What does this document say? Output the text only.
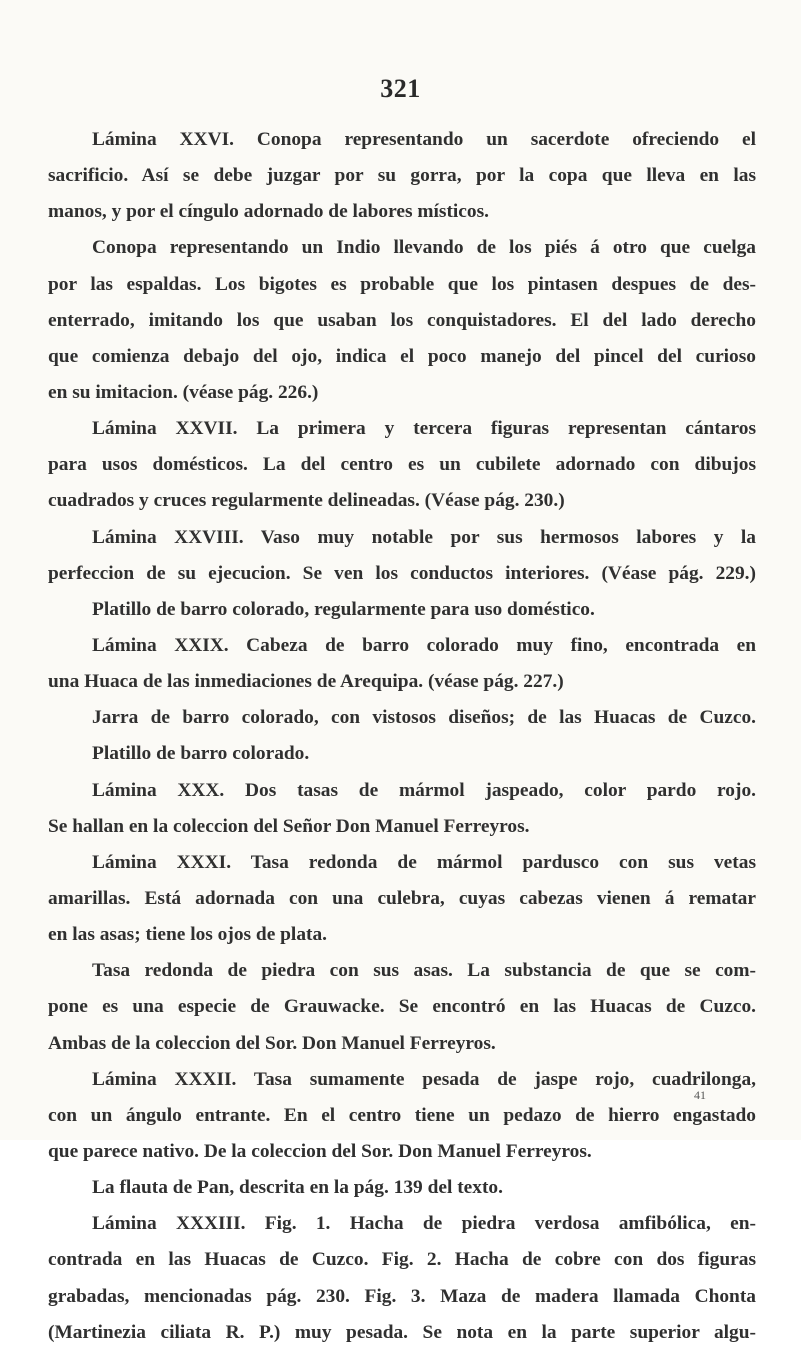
321
Lámina XXVI. Conopa representando un sacerdote ofreciendo el
sacrificio. Así se debe juzgar por su gorra, por la copa que lleva en las
manos, y por el cíngulo adornado de labores místicos.
Conopa representando un Indio llevando de los piés á otro que cuelga
por las espaldas. Los bigotes es probable que los pintasen despues de des-
enterrado, imitando los que usaban los conquistadores. El del lado derecho
que comienza debajo del ojo, indica el poco manejo del pincel del curioso
en su imitacion. (véase pág. 226.)
Lámina XXVII. La primera y tercera figuras representan cántaros
para usos domésticos. La del centro es un cubilete adornado con dibujos
cuadrados y cruces regularmente delineadas. (Véase pág. 230.)
Lámina XXVIII. Vaso muy notable por sus hermosos labores y la
perfeccion de su ejecucion. Se ven los conductos interiores. (Véase pág. 229.)
Platillo de barro colorado, regularmente para uso doméstico.
Lámina XXIX. Cabeza de barro colorado muy fino, encontrada en
una Huaca de las inmediaciones de Arequipa. (véase pág. 227.)
Jarra de barro colorado, con vistosos diseños; de las Huacas de Cuzco.
Platillo de barro colorado.
Lámina XXX. Dos tasas de mármol jaspeado, color pardo rojo.
Se hallan en la coleccion del Señor Don Manuel Ferreyros.
Lámina XXXI. Tasa redonda de mármol pardusco con sus vetas
amarillas. Está adornada con una culebra, cuyas cabezas vienen á rematar
en las asas; tiene los ojos de plata.
Tasa redonda de piedra con sus asas. La substancia de que se com-
pone es una especie de Grauwacke. Se encontró en las Huacas de Cuzco.
Ambas de la coleccion del Sor. Don Manuel Ferreyros.
Lámina XXXII. Tasa sumamente pesada de jaspe rojo, cuadrilonga,
con un ángulo entrante. En el centro tiene un pedazo de hierro engastado
que parece nativo. De la coleccion del Sor. Don Manuel Ferreyros.
La flauta de Pan, descrita en la pág. 139 del texto.
Lámina XXXIII. Fig. 1. Hacha de piedra verdosa amfibólica, en-
contrada en las Huacas de Cuzco. Fig. 2. Hacha de cobre con dos figuras
grabadas, mencionadas pág. 230. Fig. 3. Maza de madera llamada Chonta
(Martinezia ciliata R. P.) muy pesada. Se nota en la parte superior algu-
41
